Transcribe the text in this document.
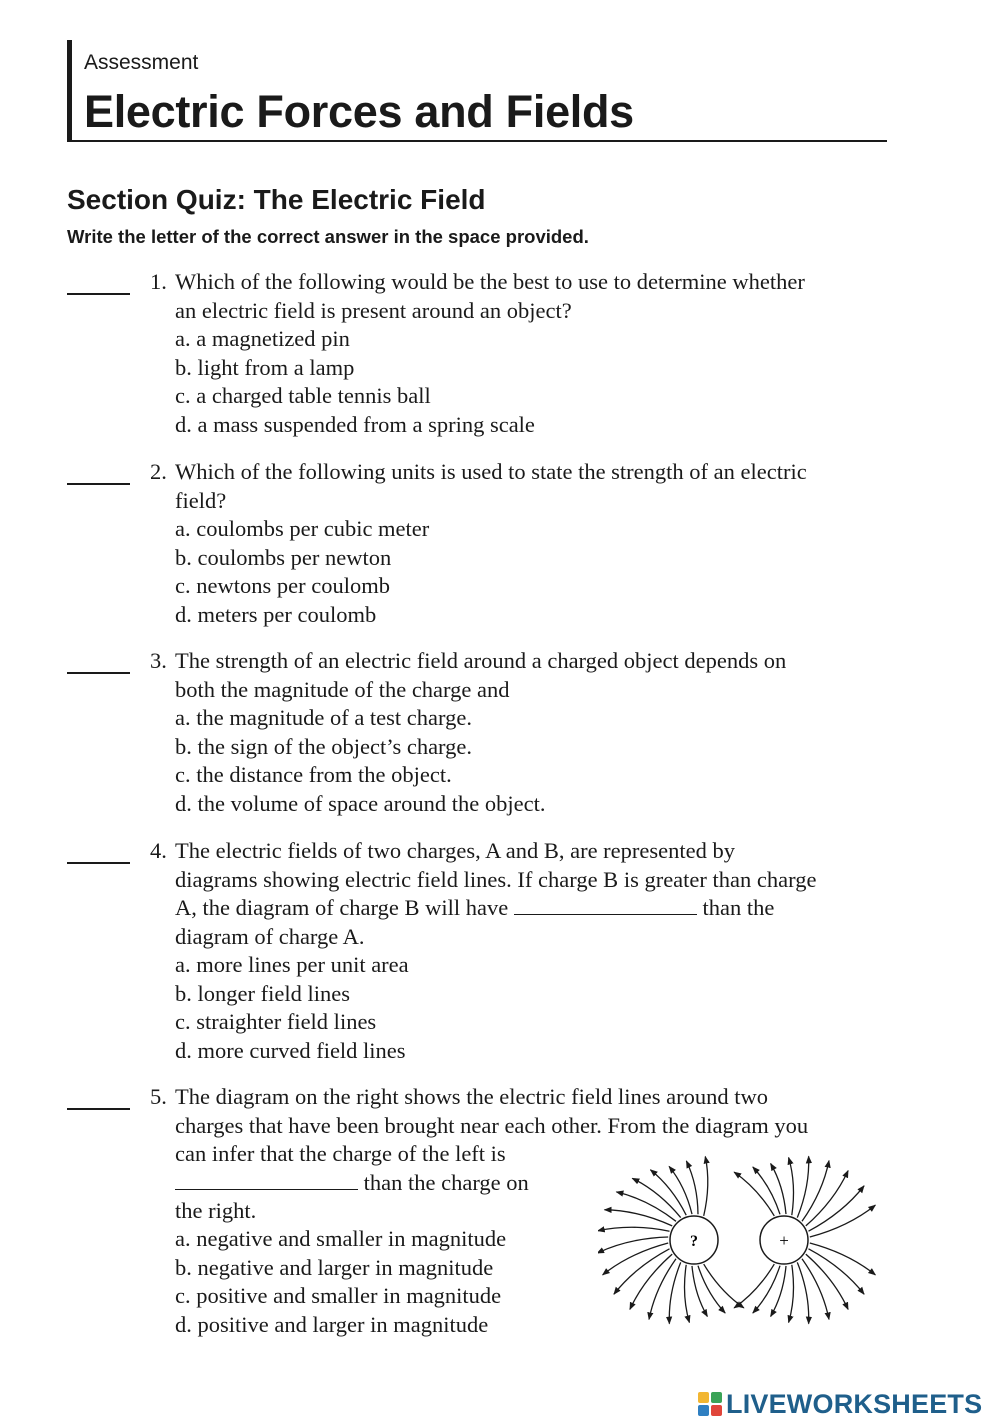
Assessment
Electric Forces and Fields
Section Quiz: The Electric Field
Write the letter of the correct answer in the space provided.
1. Which of the following would be the best to use to determine whether
an electric field is present around an object?
a. a magnetized pin
b. light from a lamp
c. a charged table tennis ball
d. a mass suspended from a spring scale
2. Which of the following units is used to state the strength of an electric
field?
a. coulombs per cubic meter
b. coulombs per newton
c. newtons per coulomb
d. meters per coulomb
3. The strength of an electric field around a charged object depends on
both the magnitude of the charge and
a. the magnitude of a test charge.
b. the sign of the object’s charge.
c. the distance from the object.
d. the volume of space around the object.
4. The electric fields of two charges, A and B, are represented by
diagrams showing electric field lines. If charge B is greater than charge
A, the diagram of charge B will have	than the
diagram of charge A.
a. more lines per unit area
b. longer field lines
c. straighter field lines
d. more curved field lines
5. The diagram on the right shows the electric field lines around two
charges that have been brought near each other. From the diagram you
can infer that the charge of the left is
than the charge on
the right.
a. negative and smaller in magnitude
b. negative and larger in magnitude
c. positive and smaller in magnitude
d. positive and larger in magnitude
?	+
LIVEWORKSHEETS
